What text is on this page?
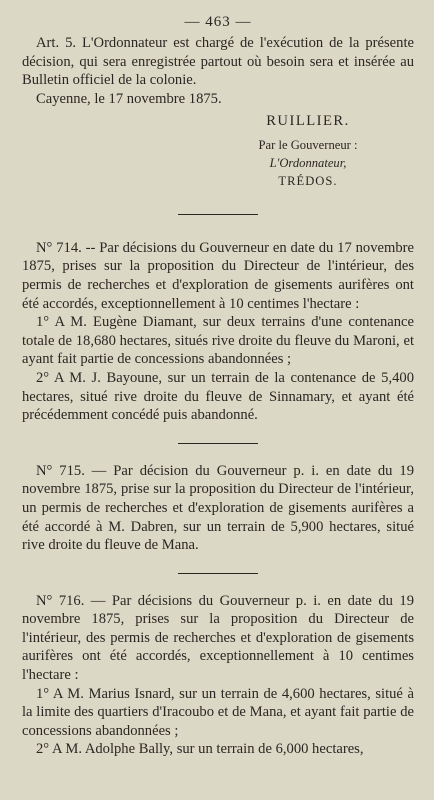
— 463 —

Art. 5. L'Ordonnateur est chargé de l'exécution de la présente décision, qui sera enregistrée partout où besoin sera et insérée au Bulletin officiel de la colonie.

Cayenne, le 17 novembre 1875.
RUILLIER.
Par le Gouverneur :
L'Ordonnateur,
TRÉDOS.

N° 714. -- Par décisions du Gouverneur en date du 17 novembre 1875, prises sur la proposition du Directeur de l'intérieur, des permis de recherches et d'exploration de gisements aurifères ont été accordés, exceptionnellement à 10 centimes l'hectare :

1° A M. Eugène Diamant, sur deux terrains d'une contenance totale de 18,680 hectares, situés rive droite du fleuve du Maroni, et ayant fait partie de concessions abandonnées ;

2° A M. J. Bayoune, sur un terrain de la contenance de 5,400 hectares, situé rive droite du fleuve de Sinnamary, et ayant été précédemment concédé puis abandonné.

N° 715. — Par décision du Gouverneur p. i. en date du 19 novembre 1875, prise sur la proposition du Directeur de l'intérieur, un permis de recherches et d'exploration de gisements aurifères a été accordé à M. Dabren, sur un terrain de 5,900 hectares, situé rive droite du fleuve de Mana.

N° 716. — Par décisions du Gouverneur p. i. en date du 19 novembre 1875, prises sur la proposition du Directeur de l'intérieur, des permis de recherches et d'exploration de gisements aurifères ont été accordés, exceptionnellement à 10 centimes l'hectare :

1° A M. Marius Isnard, sur un terrain de 4,600 hectares, situé à la limite des quartiers d'Iracoubo et de Mana, et ayant fait partie de concessions abandonnées ;

2° A M. Adolphe Bally, sur un terrain de 6,000 hectares,
